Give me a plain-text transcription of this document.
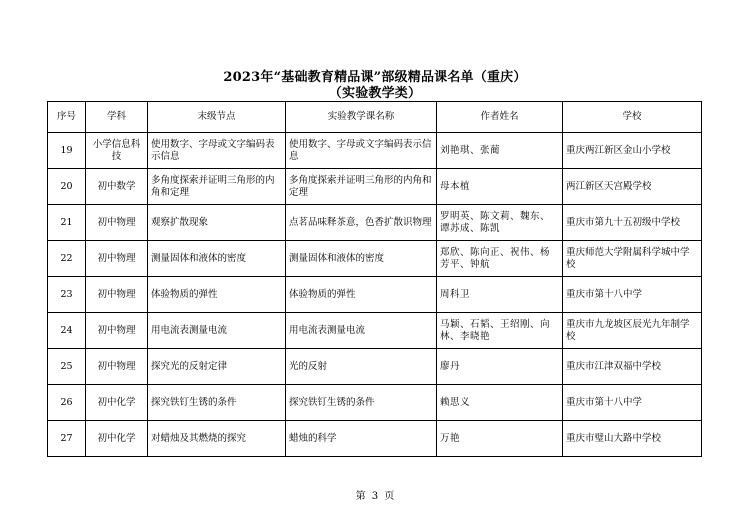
2023年“基础教育精品课”部级精品课名单（重庆）
（实验教学类）
序号	学科	末级节点	实验教学课名称	作者姓名	学校
19	小学信息科技	使用数字、字母或文字编码表示信息	使用数字、字母或文字编码表示信息	刘艳琪、张蔺	重庆两江新区金山小学校
20	初中数学	多角度探索并证明三角形的内角和定理	多角度探索并证明三角形的内角和定理	母本植	两江新区天宫殿学校
21	初中物理	观察扩散现象	点茗品味释茶意，色香扩散识物理	罗明英、陈文莉、魏东、谭苏成、陈凯	重庆市第九十五初级中学校
22	初中物理	测量固体和液体的密度	测量固体和液体的密度	郑欣、陈向正、祝伟、杨芳平、钟航	重庆师范大学附属科学城中学校
23	初中物理	体验物质的弹性	体验物质的弹性	周科卫	重庆市第十八中学
24	初中物理	用电流表测量电流	用电流表测量电流	马颖、石韬、王绍刚、向林、李晓艳	重庆市九龙坡区辰光九年制学校
25	初中物理	探究光的反射定律	光的反射	廖丹	重庆市江津双福中学校
26	初中化学	探究铁钉生锈的条件	探究铁钉生锈的条件	赖思义	重庆市第十八中学
27	初中化学	对蜡烛及其燃烧的探究	蜡烛的科学	万艳	重庆市璧山大路中学校
第 3 页
